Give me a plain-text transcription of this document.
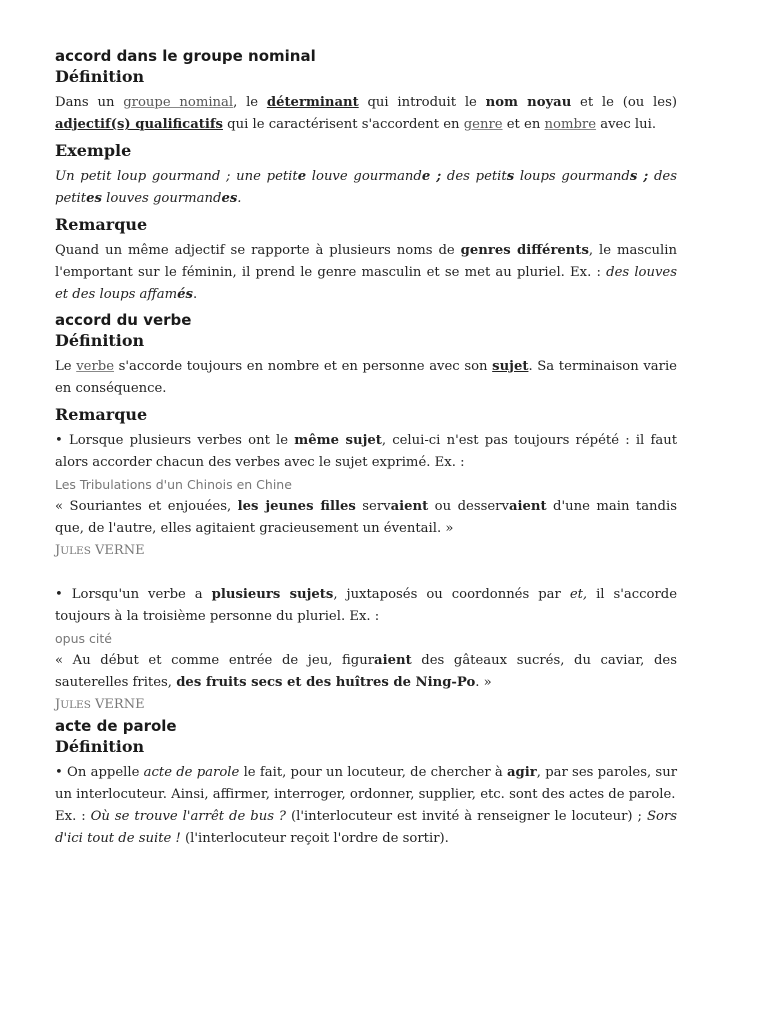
accord dans le groupe nominal
Définition

Dans un groupe nominal, le déterminant qui introduit le nom noyau et le (ou les) adjectif(s) qualificatifs qui le caractérisent s'accordent en genre et en nombre avec lui.

Exemple

Un petit loup gourmand ; une petite louve gourmande ; des petits loups gourmands ; des petites louves gourmandes.

Remarque

Quand un même adjectif se rapporte à plusieurs noms de genres différents, le masculin l'emportant sur le féminin, il prend le genre masculin et se met au pluriel. Ex. : des louves et des loups affamés.

accord du verbe
Définition

Le verbe s'accorde toujours en nombre et en personne avec son sujet. Sa terminaison varie en conséquence.

Remarque

• Lorsque plusieurs verbes ont le même sujet, celui-ci n'est pas toujours répété : il faut alors accorder chacun des verbes avec le sujet exprimé. Ex. :

Les Tribulations d'un Chinois en Chine

« Souriantes et enjouées, les jeunes filles servaient ou desservaient d'une main tandis que, de l'autre, elles agitaient gracieusement un éventail. »

JULES VERNE

• Lorsqu'un verbe a plusieurs sujets, juxtaposés ou coordonnés par et, il s'accorde toujours à la troisième personne du pluriel. Ex. :

opus cité

« Au début et comme entrée de jeu, figuraient des gâteaux sucrés, du caviar, des sauterelles frites, des fruits secs et des huîtres de Ning-Po. »

JULES VERNE
acte de parole
Définition

• On appelle acte de parole le fait, pour un locuteur, de chercher à agir, par ses paroles, sur un interlocuteur. Ainsi, affirmer, interroger, ordonner, supplier, etc. sont des actes de parole.

Ex. : Où se trouve l'arrêt de bus ? (l'interlocuteur est invité à renseigner le locuteur) ; Sors d'ici tout de suite ! (l'interlocuteur reçoit l'ordre de sortir).
